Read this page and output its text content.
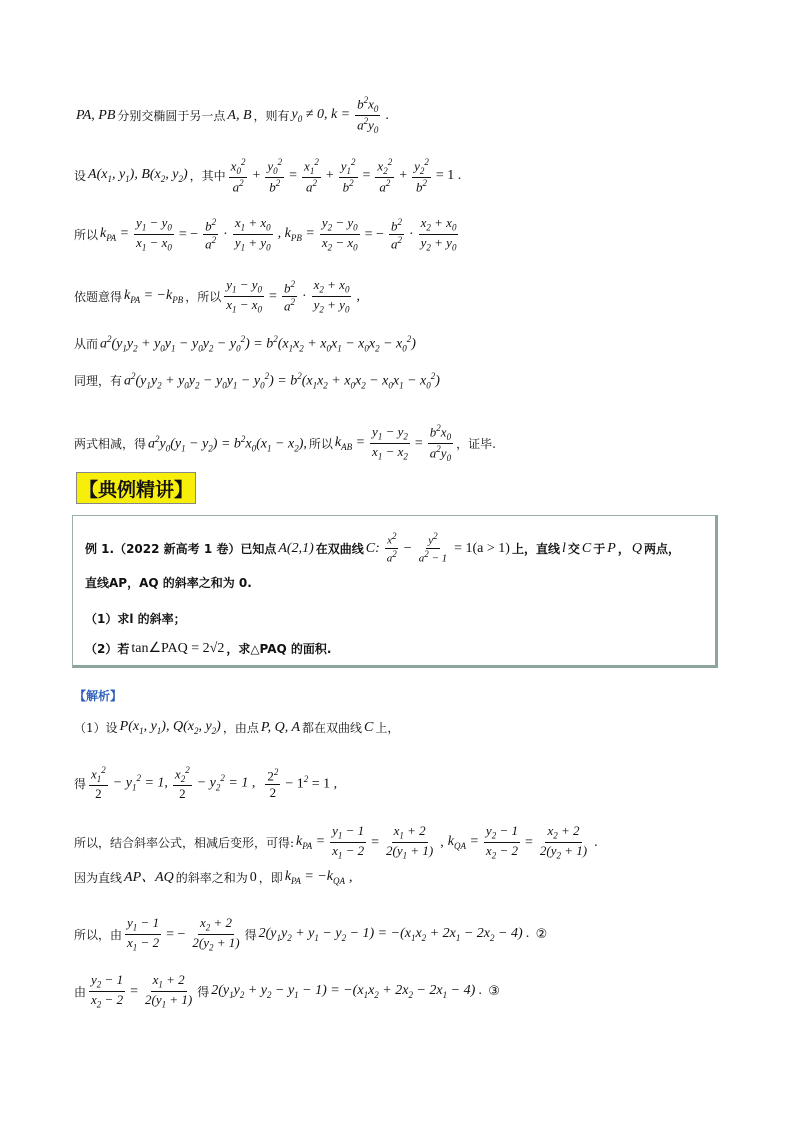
PA, PB 分别交椭圆于另一点 A, B ，则有 $y_0 \ne 0$, $k = \frac{b^2x_0}{a^2y_0}$ .
设 $A(x_1$, $y_1$), $B(x_2$, $y_2$) ，其中 $\frac{x_0^2}{a^2} + \frac{y_0^2}{b^2} = \frac{x_1^2}{a^2} + \frac{y_1^2}{b^2} = \frac{x_2^2}{a^2} + \frac{y_2^2}{b^2} = 1$ .
所以 $k_{PA} = \frac{y_1 - y_0}{x_1 - x_0}$ = − $\frac{b^2}{a^2} \cdot \frac{x_1 + x_0}{y_1 + y_0}$ , $k_{PB} = \frac{y_2 - y_0}{x_2 - x_0}$ = − $\frac{b^2}{a^2} \cdot \frac{x_2 + x_0}{y_2 + y_0}$
依题意得 $k_{PA} = -k_{PB}$ ，所以 $\frac{y_1 - y_0}{x_1 - x_0} = \frac{b^2}{a^2} \cdot \frac{x_2 + x_0}{y_2 + y_0}$ ,
从而 $a^2(y_1y_2 + y_0y_1 - y_0y_2 - y_0^2) = b^2(x_1x_2 + x_0x_1 - x_0x_2 - x_0^2)$
同理，有 $a^2(y_1y_2 + y_0y_2 - y_0y_1 - y_0^2) = b^2(x_1x_2 + x_0x_2 - x_0x_1 - x_0^2)$
两式相减，得 $a^2y_0(y_1 - y_2) = b^2x_0(x_1 - x_2)$, 所以 $k_{AB} = \frac{y_1 - y_2}{x_1 - x_2} = \frac{b^2x_0}{a^2y_0}$ ，证毕.
【典例精讲】
例 1.（2022 新高考 1 卷）已知点 A(2,1) 在双曲线 C: $\frac{x^2}{a^2} - \frac{y^2}{a^2 - 1} = 1(a > 1)$ 上，直线 l 交 C 于 P ， Q 两点，
直线AP，AQ 的斜率之和为 0.
（1）求l 的斜率；
（2）若 tan∠PAQ = 2√2 ，求△PAQ 的面积.
【解析】
（1）设 $P(x_1$, $y_1$), $Q(x_2$, $y_2$) ，由点 P, Q, A 都在双曲线 C 上，
得 $\frac{x_1^2}{2} - y_1^2 = 1$, $\frac{x_2^2}{2} - y_2^2 = 1$ , $\frac{2^2}{2} - 1^2 = 1$ ,
所以，结合斜率公式，相减后变形，可得: $k_{PA} = \frac{y_1 - 1}{x_1 - 2} = \frac{x_1 + 2}{2(y_1 + 1)}$ , $k_{QA} = \frac{y_2 - 1}{x_2 - 2} = \frac{x_2 + 2}{2(y_2 + 1)}$ .
因为直线 AP、AQ 的斜率之和为 0 ，即 $k_{PA} = -k_{QA}$ ,
所以，由 $\frac{y_1 - 1}{x_1 - 2}$ = − $\frac{x_2 + 2}{2(y_2 + 1)}$ 得 $2(y_1y_2 + y_1 - y_2 - 1) = -(x_1x_2 + 2x_1 - 2x_2 - 4)$ . ②
由 $\frac{y_2 - 1}{x_2 - 2} = \frac{x_1 + 2}{2(y_1 + 1)}$ 得 $2(y_1y_2 + y_2 - y_1 - 1) = -(x_1x_2 + 2x_2 - 2x_1 - 4)$ . ③
